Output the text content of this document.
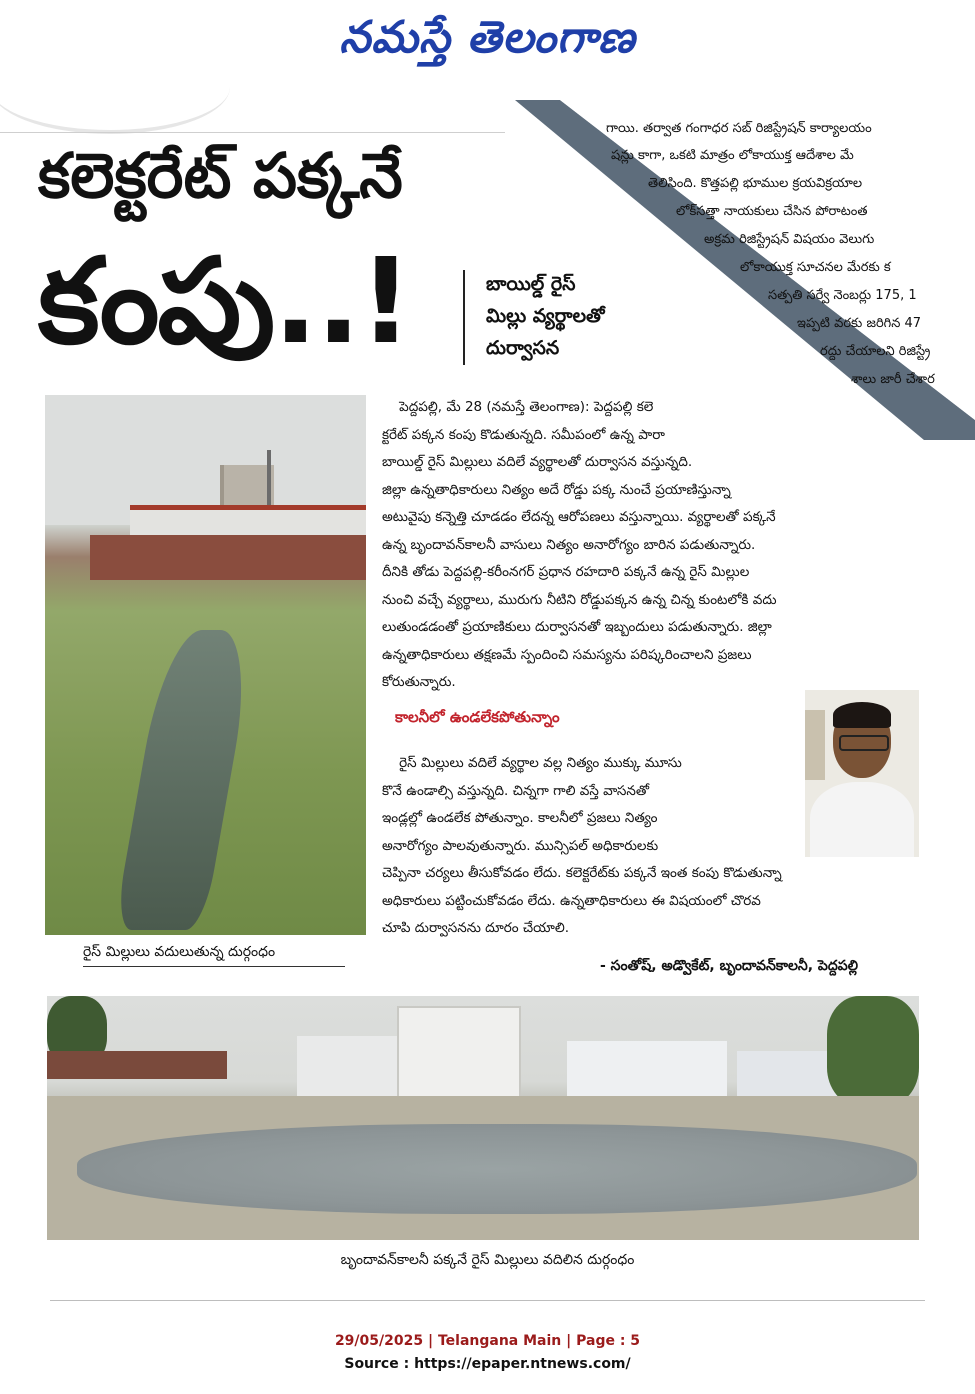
నమస్తే తెలంగాణ
గాయి. తర్వాత గంగాధర సబ్ రిజిస్ట్రేషన్ కార్యాలయం
షన్లు కాగా, ఒకటి మాత్రం లోకాయుక్త ఆదేశాల మే
తెలిసింది. కొత్తపల్లి భూముల క్రయవిక్రయాల
లోక్‌సత్తా నాయకులు చేసిన పోరాటంత
అక్రమ రిజిస్ట్రేషన్ విషయం వెలుగు
లోకాయుక్త సూచనల మేరకు క
సత్పతి సర్వే నెంబర్లు 175, 1
ఇప్పటి వరకు జరిగిన 47
రద్దు చేయాలని రిజిస్ట్రే
శాలు జారీ చేశార
కలెక్టరేట్ పక్కనే
కంపు..!	బాయిల్డ్ రైస్
మిల్లు వ్యర్థాలతో
దుర్వాసన
రైస్ మిల్లులు వదులుతున్న దుర్గంధం
పెద్దపల్లి, మే 28 (నమస్తే తెలంగాణ): పెద్దపల్లి కలె
క్టరేట్ పక్కన కంపు కొడుతున్నది. సమీపంలో ఉన్న పారా
బాయిల్డ్ రైస్ మిల్లులు వదిలే వ్యర్థాలతో దుర్వాసన వస్తున్నది.
జిల్లా ఉన్నతాధికారులు నిత్యం అదే రోడ్డు పక్క నుంచే ప్రయాణిస్తున్నా
అటువైపు కన్నెత్తి చూడడం లేదన్న ఆరోపణలు వస్తున్నాయి. వ్యర్థాలతో పక్కనే
ఉన్న బృందావన్‌కాలనీ వాసులు నిత్యం అనారోగ్యం బారిన పడుతున్నారు.
దీనికి తోడు పెద్దపల్లి-కరీంనగర్ ప్రధాన రహదారి పక్కనే ఉన్న రైస్ మిల్లుల
నుంచి వచ్చే వ్యర్థాలు, మురుగు నీటిని రోడ్డుపక్కన ఉన్న చిన్న కుంటలోకి వదు
లుతుండడంతో ప్రయాణికులు దుర్వాసనతో ఇబ్బందులు పడుతున్నారు. జిల్లా
ఉన్నతాధికారులు తక్షణమే స్పందించి సమస్యను పరిష్కరించాలని ప్రజలు
కోరుతున్నారు.
కాలనీలో ఉండలేకపోతున్నాం
రైస్ మిల్లులు వదిలే వ్యర్థాల వల్ల నిత్యం ముక్కు మూసు
కొనే ఉండాల్సి వస్తున్నది. చిన్నగా గాలి వస్తే వాసనతో
ఇండ్లల్లో ఉండలేక పోతున్నాం. కాలనీలో ప్రజలు నిత్యం
అనారోగ్యం పాలవుతున్నారు. మున్సిపల్ అధికారులకు
చెప్పినా చర్యలు తీసుకోవడం లేదు. కలెక్టరేట్‌కు పక్కనే ఇంత కంపు కొడుతున్నా
అధికారులు పట్టించుకోవడం లేదు. ఉన్నతాధికారులు ఈ విషయంలో చొరవ
చూపి దుర్వాసనను దూరం చేయాలి.
- సంతోష్, అడ్వొకేట్, బృందావన్‌కాలనీ, పెద్దపల్లి
బృందావన్‌కాలనీ పక్కనే రైస్ మిల్లులు వదిలిన దుర్గంధం
29/05/2025 | Telangana Main | Page : 5
Source : https://epaper.ntnews.com/
